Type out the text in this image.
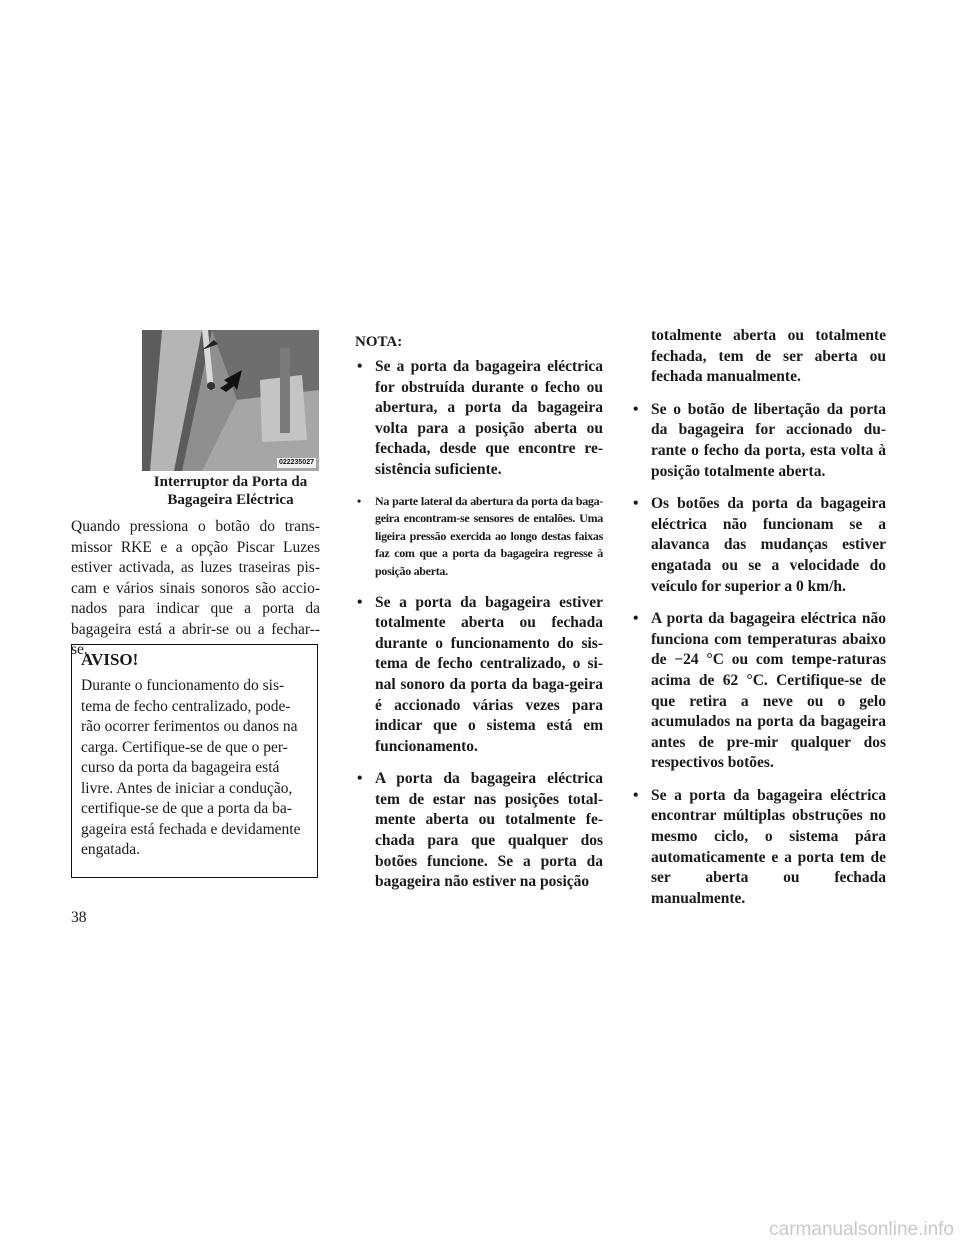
022235027
Interruptor da Porta da Bagageira Eléctrica
Quando pressiona o botão do trans-missor RKE e a opção Piscar Luzes estiver activada, as luzes traseiras pis-cam e vários sinais sonoros são accio-nados para indicar que a porta da bagageira está a abrir-se ou a fechar--se.
AVISO!
Durante o funcionamento do sis-tema de fecho centralizado, pode-rão ocorrer ferimentos ou danos na carga. Certifique-se de que o per-curso da porta da bagageira está livre. Antes de iniciar a condução, certifique-se de que a porta da ba-gageira está fechada e devidamente engatada.
NOTA:
• Se a porta da bagageira eléctrica for obstruída durante o fecho ou abertura, a porta da bagageira volta para a posição aberta ou fechada, desde que encontre re-sistência suficiente.
•	Na parte lateral da abertura da porta da baga-geira encontram-se sensores de entalões. Uma ligeira pressão exercida ao longo destas faixas faz com que a porta da bagageira regresse à posição aberta.
• Se a porta da bagageira estiver totalmente aberta ou fechada durante o funcionamento do sis-tema de fecho centralizado, o si-nal sonoro da porta da baga-geira é accionado várias vezes para indicar que o sistema está em funcionamento.
• A porta da bagageira eléctrica tem de estar nas posições total-mente aberta ou totalmente fe-chada para que qualquer dos botões funcione. Se a porta da bagageira não estiver na posição
totalmente aberta ou totalmente fechada, tem de ser aberta ou fechada manualmente.
• Se o botão de libertação da porta da bagageira for accionado du-rante o fecho da porta, esta volta à posição totalmente aberta.
• Os botões da porta da bagageira eléctrica não funcionam se a alavanca das mudanças estiver engatada ou se a velocidade do veículo for superior a 0 km/h.
• A porta da bagageira eléctrica não funciona com temperaturas abaixo de −24 °C ou com tempe-raturas acima de 62 °C. Certifique-se de que retira a neve ou o gelo acumulados na porta da bagageira antes de pre-mir qualquer dos respectivos botões.
• Se a porta da bagageira eléctrica encontrar múltiplas obstruções no mesmo ciclo, o sistema pára automaticamente e a porta tem de ser aberta ou fechada manualmente.
38
carmanualsonline.info
